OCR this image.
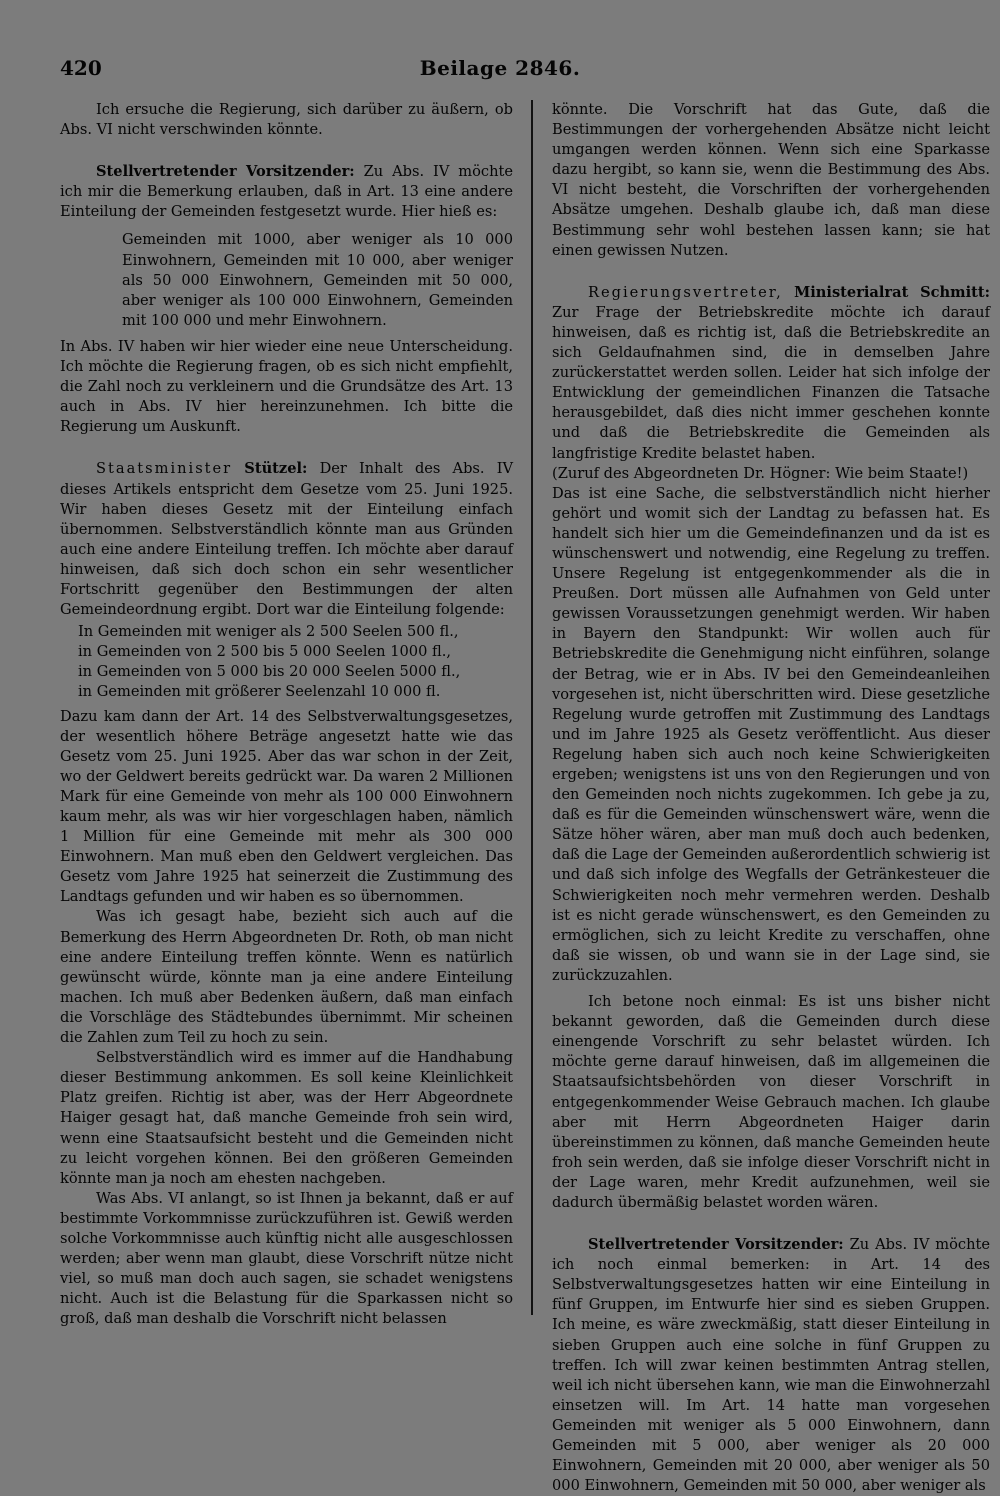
420	Beilage 2846.

Ich ersuche die Regierung, sich darüber zu äußern, ob Abs. VI nicht verschwinden könnte.

Stellvertretender Vorsitzender: Zu Abs. IV möchte ich mir die Bemerkung erlauben, daß in Art. 13 eine andere Einteilung der Gemeinden festgesetzt wurde. Hier hieß es:

Gemeinden mit 1000, aber weniger als 10 000 Einwohnern, Gemeinden mit 10 000, aber weniger als 50 000 Einwohnern, Gemeinden mit 50 000, aber weniger als 100 000 Einwohnern, Gemeinden mit 100 000 und mehr Einwohnern.

In Abs. IV haben wir hier wieder eine neue Unterscheidung. Ich möchte die Regierung fragen, ob es sich nicht empfiehlt, die Zahl noch zu verkleinern und die Grundsätze des Art. 13 auch in Abs. IV hier hereinzunehmen. Ich bitte die Regierung um Auskunft.

Staatsminister Stützel: Der Inhalt des Abs. IV dieses Artikels entspricht dem Gesetze vom 25. Juni 1925. Wir haben dieses Gesetz mit der Einteilung einfach übernommen. Selbstverständlich könnte man aus Gründen auch eine andere Einteilung treffen. Ich möchte aber darauf hinweisen, daß sich doch schon ein sehr wesentlicher Fortschritt gegenüber den Bestimmungen der alten Gemeindeordnung ergibt. Dort war die Einteilung folgende:

In Gemeinden mit weniger als 2 500 Seelen 500 fl.,
in Gemeinden von 2 500 bis 5 000 Seelen 1000 fl.,
in Gemeinden von 5 000 bis 20 000 Seelen 5000 fl.,
in Gemeinden mit größerer Seelenzahl 10 000 fl.

Dazu kam dann der Art. 14 des Selbstverwaltungsgesetzes, der wesentlich höhere Beträge angesetzt hatte wie das Gesetz vom 25. Juni 1925. Aber das war schon in der Zeit, wo der Geldwert bereits gedrückt war. Da waren 2 Millionen Mark für eine Gemeinde von mehr als 100 000 Einwohnern kaum mehr, als was wir hier vorgeschlagen haben, nämlich 1 Million für eine Gemeinde mit mehr als 300 000 Einwohnern. Man muß eben den Geldwert vergleichen. Das Gesetz vom Jahre 1925 hat seinerzeit die Zustimmung des Landtags gefunden und wir haben es so übernommen.

Was ich gesagt habe, bezieht sich auch auf die Bemerkung des Herrn Abgeordneten Dr. Roth, ob man nicht eine andere Einteilung treffen könnte. Wenn es natürlich gewünscht würde, könnte man ja eine andere Einteilung machen. Ich muß aber Bedenken äußern, daß man einfach die Vorschläge des Städtebundes übernimmt. Mir scheinen die Zahlen zum Teil zu hoch zu sein.

Selbstverständlich wird es immer auf die Handhabung dieser Bestimmung ankommen. Es soll keine Kleinlichkeit Platz greifen. Richtig ist aber, was der Herr Abgeordnete Haiger gesagt hat, daß manche Gemeinde froh sein wird, wenn eine Staatsaufsicht besteht und die Gemeinden nicht zu leicht vorgehen können. Bei den größeren Gemeinden könnte man ja noch am ehesten nachgeben.

Was Abs. VI anlangt, so ist Ihnen ja bekannt, daß er auf bestimmte Vorkommnisse zurückzuführen ist. Gewiß werden solche Vorkommnisse auch künftig nicht alle ausgeschlossen werden; aber wenn man glaubt, diese Vorschrift nütze nicht viel, so muß man doch auch sagen, sie schadet wenigstens nicht. Auch ist die Belastung für die Sparkassen nicht so groß, daß man deshalb die Vorschrift nicht belassen

könnte. Die Vorschrift hat das Gute, daß die Bestimmungen der vorhergehenden Absätze nicht leicht umgangen werden können. Wenn sich eine Sparkasse dazu hergibt, so kann sie, wenn die Bestimmung des Abs. VI nicht besteht, die Vorschriften der vorhergehenden Absätze umgehen. Deshalb glaube ich, daß man diese Bestimmung sehr wohl bestehen lassen kann; sie hat einen gewissen Nutzen.

Regierungsvertreter, Ministerialrat Schmitt: Zur Frage der Betriebskredite möchte ich darauf hinweisen, daß es richtig ist, daß die Betriebskredite an sich Geldaufnahmen sind, die in demselben Jahre zurückerstattet werden sollen. Leider hat sich infolge der Entwicklung der gemeindlichen Finanzen die Tatsache herausgebildet, daß dies nicht immer geschehen konnte und daß die Betriebskredite die Gemeinden als langfristige Kredite belastet haben.

(Zuruf des Abgeordneten Dr. Högner: Wie beim Staate!)

Das ist eine Sache, die selbstverständlich nicht hierher gehört und womit sich der Landtag zu befassen hat. Es handelt sich hier um die Gemeindefinanzen und da ist es wünschenswert und notwendig, eine Regelung zu treffen. Unsere Regelung ist entgegenkommender als die in Preußen. Dort müssen alle Aufnahmen von Geld unter gewissen Voraussetzungen genehmigt werden. Wir haben in Bayern den Standpunkt: Wir wollen auch für Betriebskredite die Genehmigung nicht einführen, solange der Betrag, wie er in Abs. IV bei den Gemeindeanleihen vorgesehen ist, nicht überschritten wird. Diese gesetzliche Regelung wurde getroffen mit Zustimmung des Landtags und im Jahre 1925 als Gesetz veröffentlicht. Aus dieser Regelung haben sich auch noch keine Schwierigkeiten ergeben; wenigstens ist uns von den Regierungen und von den Gemeinden noch nichts zugekommen. Ich gebe ja zu, daß es für die Gemeinden wünschenswert wäre, wenn die Sätze höher wären, aber man muß doch auch bedenken, daß die Lage der Gemeinden außerordentlich schwierig ist und daß sich infolge des Wegfalls der Getränkesteuer die Schwierigkeiten noch mehr vermehren werden. Deshalb ist es nicht gerade wünschenswert, es den Gemeinden zu ermöglichen, sich zu leicht Kredite zu verschaffen, ohne daß sie wissen, ob und wann sie in der Lage sind, sie zurückzuzahlen.

Ich betone noch einmal: Es ist uns bisher nicht bekannt geworden, daß die Gemeinden durch diese einengende Vorschrift zu sehr belastet würden. Ich möchte gerne darauf hinweisen, daß im allgemeinen die Staatsaufsichtsbehörden von dieser Vorschrift in entgegenkommender Weise Gebrauch machen. Ich glaube aber mit Herrn Abgeordneten Haiger darin übereinstimmen zu können, daß manche Gemeinden heute froh sein werden, daß sie infolge dieser Vorschrift nicht in der Lage waren, mehr Kredit aufzunehmen, weil sie dadurch übermäßig belastet worden wären.

Stellvertretender Vorsitzender: Zu Abs. IV möchte ich noch einmal bemerken: in Art. 14 des Selbstverwaltungsgesetzes hatten wir eine Einteilung in fünf Gruppen, im Entwurfe hier sind es sieben Gruppen. Ich meine, es wäre zweckmäßig, statt dieser Einteilung in sieben Gruppen auch eine solche in fünf Gruppen zu treffen. Ich will zwar keinen bestimmten Antrag stellen, weil ich nicht übersehen kann, wie man die Einwohnerzahl einsetzen will. Im Art. 14 hatte man vorgesehen Gemeinden mit weniger als 5 000 Einwohnern, dann Gemeinden mit 5 000, aber weniger als 20 000 Einwohnern, Gemeinden mit 20 000, aber weniger als 50 000 Einwohnern, Gemeinden mit 50 000, aber weniger als
